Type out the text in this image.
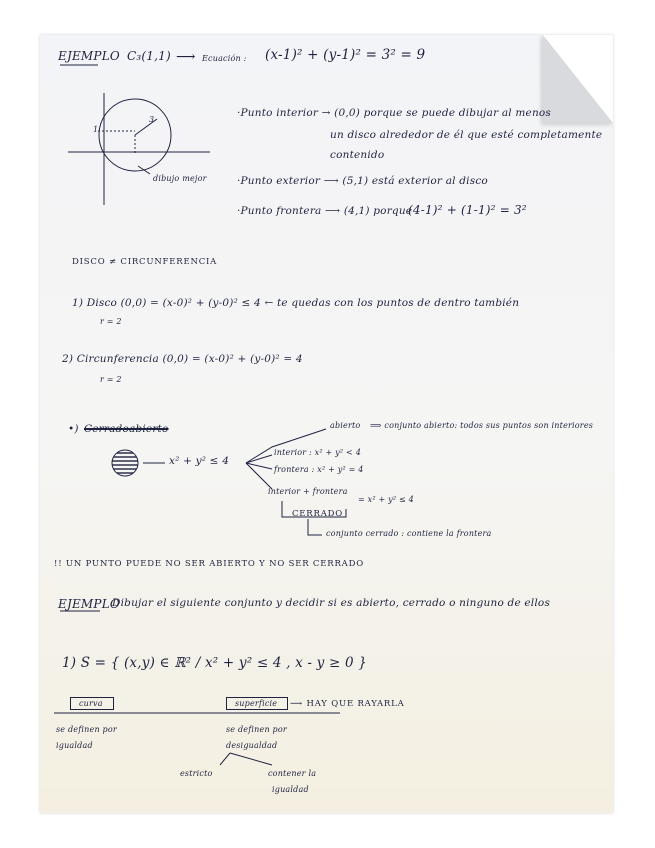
EJEMPLO C₃(1,1) ⟶ Ecuación : (x-1)² + (y-1)² = 3² = 9
3
1
dibujo mejor
·Punto interior → (0,0) porque se puede dibujar al menos
un disco alrededor de él que esté completamente
contenido
·Punto exterior ⟶ (5,1) está exterior al disco
·Punto frontera ⟶ (4,1) porque
(4-1)² + (1-1)² = 3²
DISCO ≠ CIRCUNFERENCIA
1) Disco (0,0) = (x-0)² + (y-0)² ≤ 4 ← te quedas con los puntos de dentro también
r = 2
2) Circunferencia (0,0) = (x-0)² + (y-0)² = 4
r = 2
•) Cerradoabierto
x² + y² ≤ 4
abierto ⟹ conjunto abierto: todos sus puntos son interiores
interior : x² + y² < 4
frontera : x² + y² = 4
interior + frontera
= x² + y² ≤ 4
CERRADO
conjunto cerrado : contiene la frontera
!! UN PUNTO PUEDE NO SER ABIERTO Y NO SER CERRADO
EJEMPLO
Dibujar el siguiente conjunto y decidir si es abierto, cerrado o ninguno de ellos
1) S = { (x,y) ∈ ℝ² / x² + y² ≤ 4 , x - y ≥ 0 }
curva	superficie	⟶ HAY QUE RAYARLA
se definen por
igualdad
se definen por
desigualdad
estricto	contener la
igualdad
